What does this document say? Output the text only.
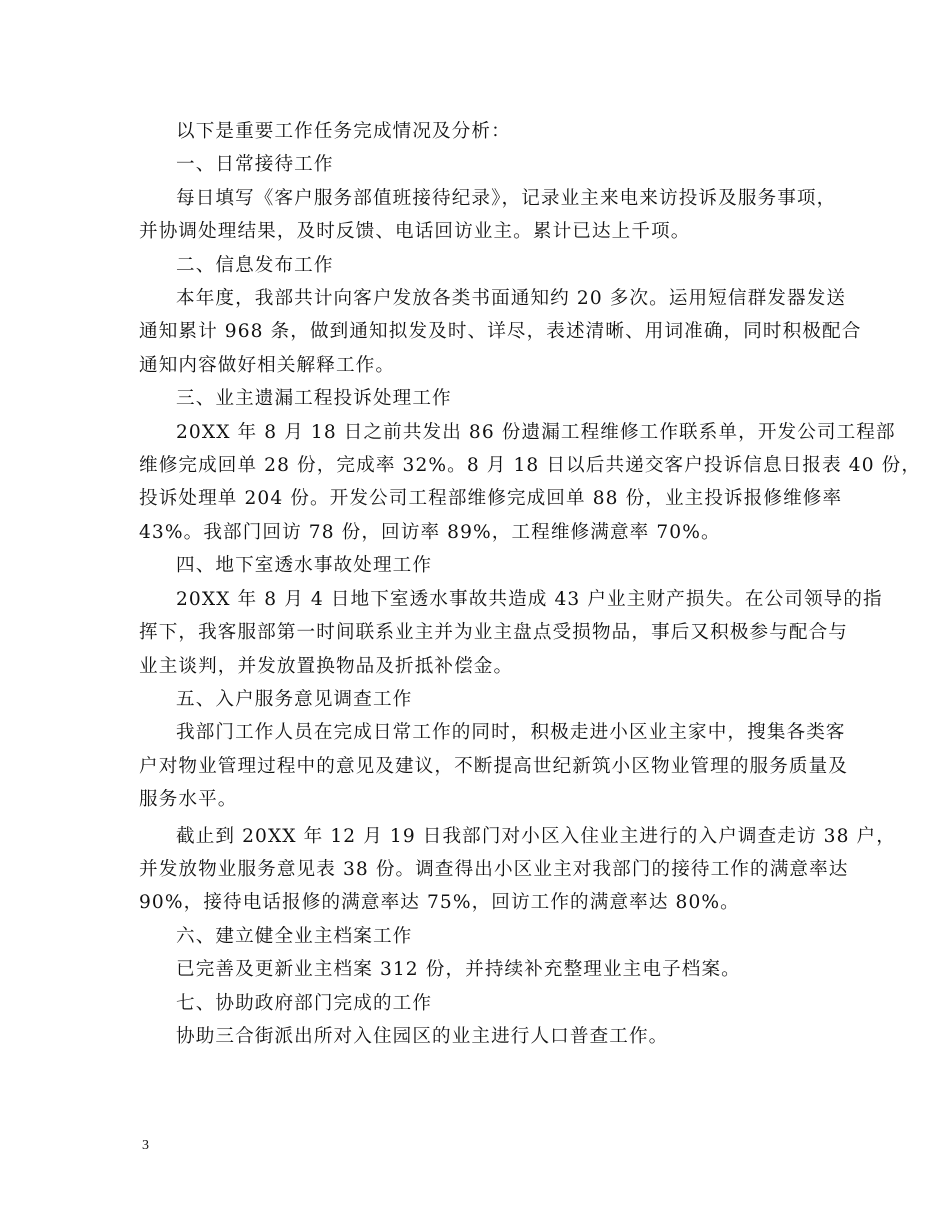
以下是重要工作任务完成情况及分析：

一、日常接待工作

每日填写《客户服务部值班接待纪录》，记录业主来电来访投诉及服务事项，

并协调处理结果，及时反馈、电话回访业主。累计已达上千项。

二、信息发布工作

本年度，我部共计向客户发放各类书面通知约 20 多次。运用短信群发器发送

通知累计 968 条，做到通知拟发及时、详尽，表述清晰、用词准确，同时积极配合

通知内容做好相关解释工作。

三、业主遗漏工程投诉处理工作

20XX 年 8 月 18 日之前共发出 86 份遗漏工程维修工作联系单，开发公司工程部

维修完成回单 28 份，完成率 32%。8 月 18 日以后共递交客户投诉信息日报表 40 份，

投诉处理单 204 份。开发公司工程部维修完成回单 88 份，业主投诉报修维修率

43%。我部门回访 78 份，回访率 89%，工程维修满意率 70%。

四、地下室透水事故处理工作

20XX 年 8 月 4 日地下室透水事故共造成 43 户业主财产损失。在公司领导的指

挥下，我客服部第一时间联系业主并为业主盘点受损物品，事后又积极参与配合与

业主谈判，并发放置换物品及折抵补偿金。

五、入户服务意见调查工作

我部门工作人员在完成日常工作的同时，积极走进小区业主家中，搜集各类客

户对物业管理过程中的意见及建议，不断提高世纪新筑小区物业管理的服务质量及

服务水平。

截止到 20XX 年 12 月 19 日我部门对小区入住业主进行的入户调查走访 38 户，

并发放物业服务意见表 38 份。调查得出小区业主对我部门的接待工作的满意率达

90%，接待电话报修的满意率达 75%，回访工作的满意率达 80%。

六、建立健全业主档案工作

已完善及更新业主档案 312 份，并持续补充整理业主电子档案。

七、协助政府部门完成的工作

协助三合街派出所对入住园区的业主进行人口普查工作。

3
